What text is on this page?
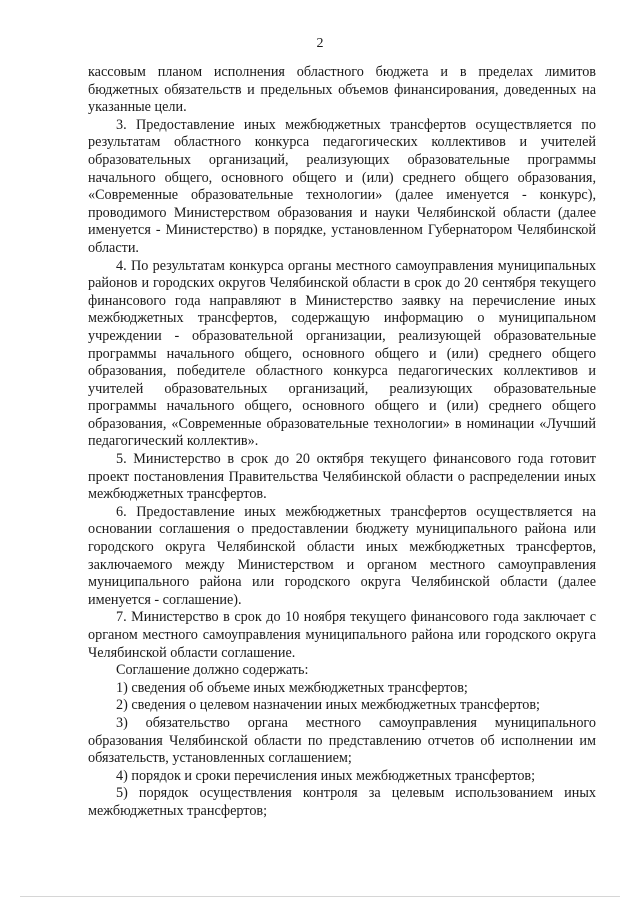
2

кассовым планом исполнения областного бюджета и в пределах лимитов бюджетных обязательств и предельных объемов финансирования, доведенных на указанные цели.

3. Предоставление иных межбюджетных трансфертов осуществляется по результатам областного конкурса педагогических коллективов и учителей образовательных организаций, реализующих образовательные программы начального общего, основного общего и (или) среднего общего образования, «Современные образовательные технологии» (далее именуется - конкурс), проводимого Министерством образования и науки Челябинской области (далее именуется - Министерство) в порядке, установленном Губернатором Челябинской области.

4. По результатам конкурса органы местного самоуправления муниципальных районов и городских округов Челябинской области в срок до 20 сентября текущего финансового года направляют в Министерство заявку на перечисление иных межбюджетных трансфертов, содержащую информацию о муниципальном учреждении - образовательной организации, реализующей образовательные программы начального общего, основного общего и (или) среднего общего образования, победителе областного конкурса педагогических коллективов и учителей образовательных организаций, реализующих образовательные программы начального общего, основного общего и (или) среднего общего образования, «Современные образовательные технологии» в номинации «Лучший педагогический коллектив».

5. Министерство в срок до 20 октября текущего финансового года готовит проект постановления Правительства Челябинской области о распределении иных межбюджетных трансфертов.

6. Предоставление иных межбюджетных трансфертов осуществляется на основании соглашения о предоставлении бюджету муниципального района или городского округа Челябинской области иных межбюджетных трансфертов, заключаемого между Министерством и органом местного самоуправления муниципального района или городского округа Челябинской области (далее именуется - соглашение).

7. Министерство в срок до 10 ноября текущего финансового года заключает с органом местного самоуправления муниципального района или городского округа Челябинской области соглашение.

Соглашение должно содержать:

1) сведения об объеме иных межбюджетных трансфертов;

2) сведения о целевом назначении иных межбюджетных трансфертов;

3) обязательство органа местного самоуправления муниципального образования Челябинской области по представлению отчетов об исполнении им обязательств, установленных соглашением;

4) порядок и сроки перечисления иных межбюджетных трансфертов;

5) порядок осуществления контроля за целевым использованием иных межбюджетных трансфертов;
